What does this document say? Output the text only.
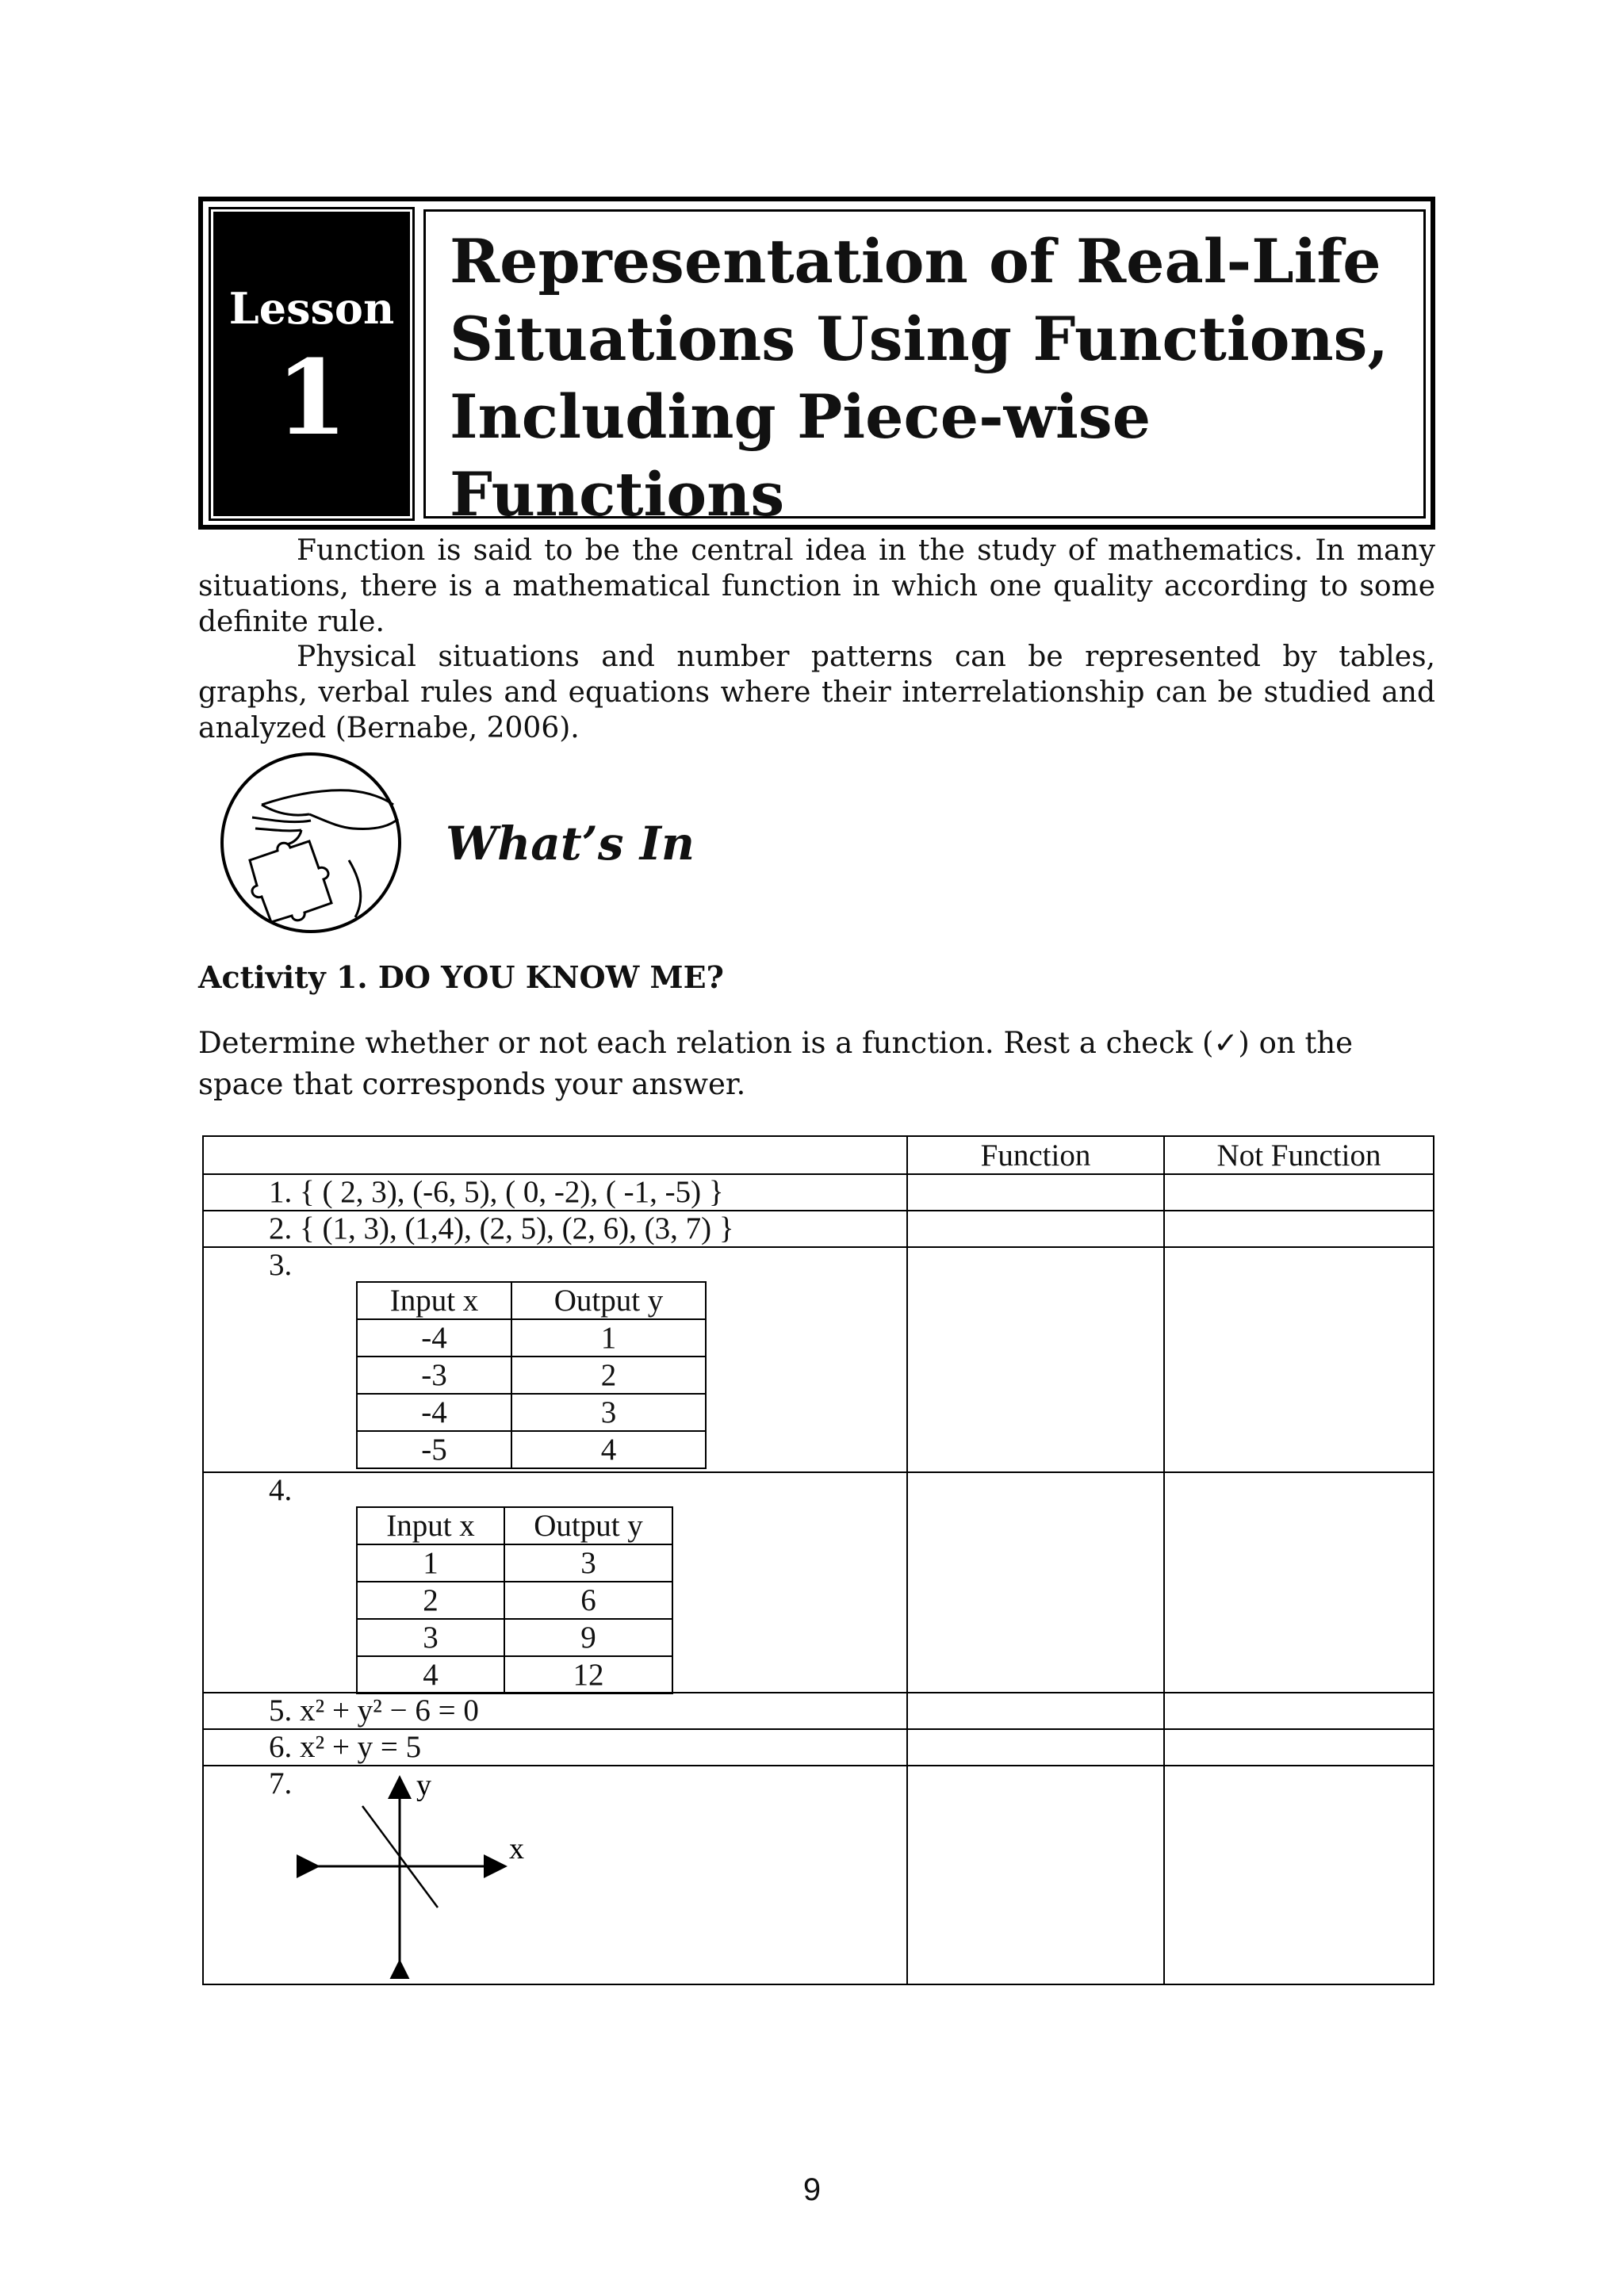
Lesson
1
Representation of Real-Life Situations Using Functions, Including Piece-wise Functions

Function is said to be the central idea in the study of mathematics. In many situations, there is a mathematical function in which one quality according to some definite rule.

Physical situations and number patterns can be represented by tables, graphs, verbal rules and equations where their interrelationship can be studied and analyzed (Bernabe, 2006).

What’s In
Activity 1. DO YOU KNOW ME?

Determine whether or not each relation is a function. Rest a check (✓) on the space that corresponds your answer.

	Function	Not Function

1. { ( 2, 3), (-6, 5), ( 0, -2), ( -1, -5) }

2. { (1, 3), (1,4), (2, 5), (2, 6), (3, 7) }

3.
Input x	Output y
-4	1
-3	2
-4	3
-5	4

4.
Input x	Output y
1	3
2	6
3	9
4	12

5. x² + y² − 6 = 0

6. x² + y = 5

7.	y
x

9
